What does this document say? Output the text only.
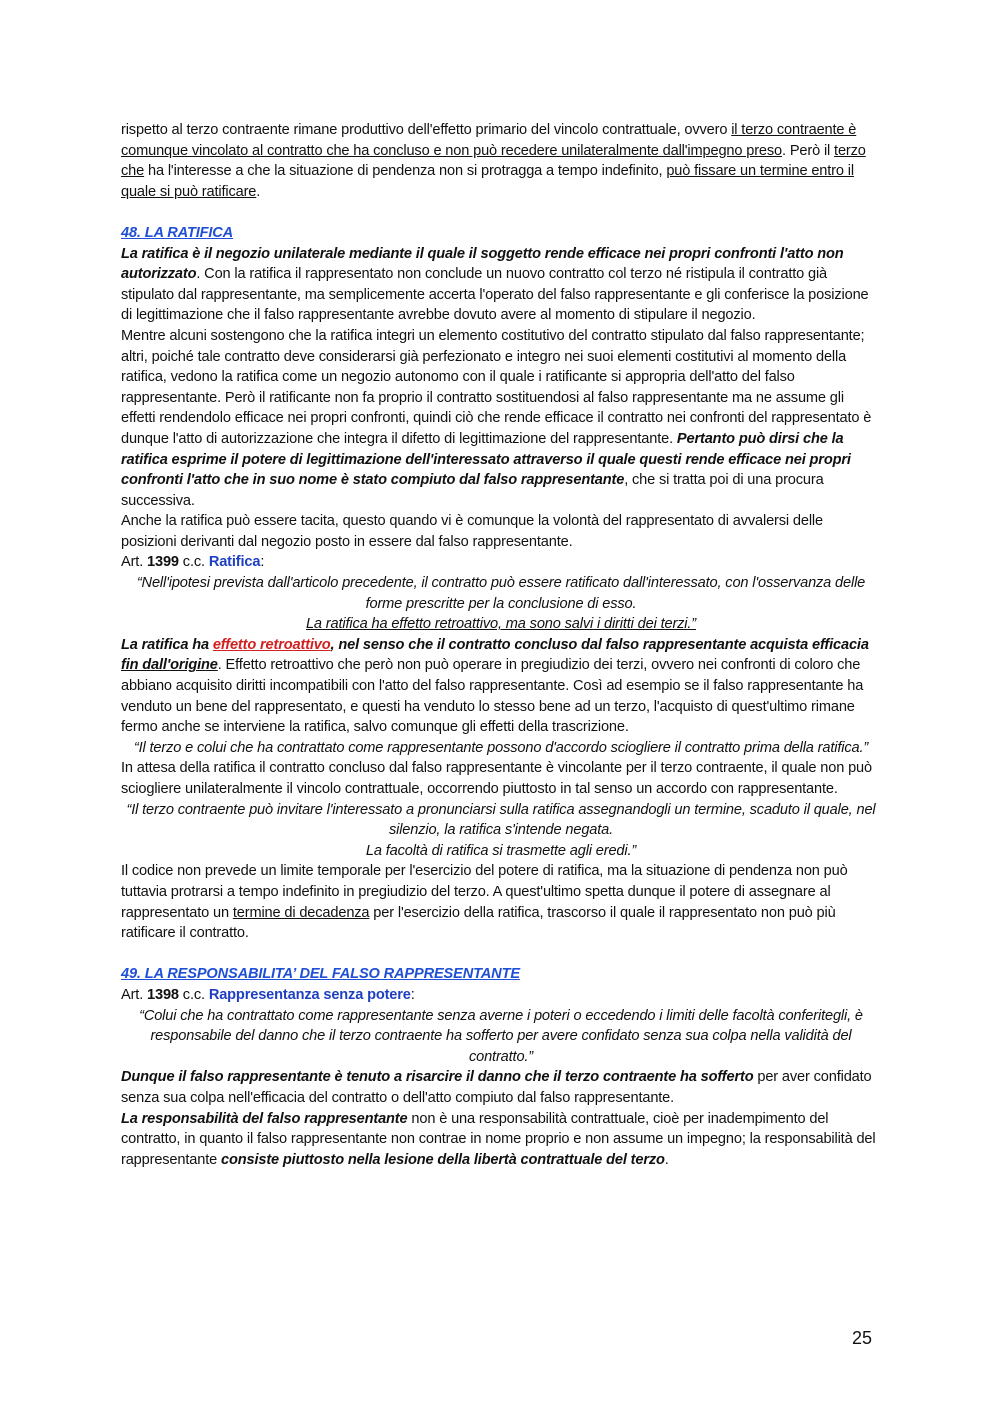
rispetto al terzo contraente rimane produttivo dell'effetto primario del vincolo contrattuale, ovvero il terzo contraente è comunque vincolato al contratto che ha concluso e non può recedere unilateralmente dall'impegno preso. Però il terzo che ha l'interesse a che la situazione di pendenza non si protragga a tempo indefinito, può fissare un termine entro il quale si può ratificare.

48. LA RATIFICA

La ratifica è il negozio unilaterale mediante il quale il soggetto rende efficace nei propri confronti l'atto non autorizzato. Con la ratifica il rappresentato non conclude un nuovo contratto col terzo né ristipula il contratto già stipulato dal rappresentante, ma semplicemente accerta l'operato del falso rappresentante e gli conferisce la posizione di legittimazione che il falso rappresentante avrebbe dovuto avere al momento di stipulare il negozio.

Mentre alcuni sostengono che la ratifica integri un elemento costitutivo del contratto stipulato dal falso rappresentante; altri, poiché tale contratto deve considerarsi già perfezionato e integro nei suoi elementi costitutivi al momento della ratifica, vedono la ratifica come un negozio autonomo con il quale i ratificante si appropria dell'atto del falso rappresentante. Però il ratificante non fa proprio il contratto sostituendosi al falso rappresentante ma ne assume gli effetti rendendolo efficace nei propri confronti, quindi ciò che rende efficace il contratto nei confronti del rappresentato è dunque l'atto di autorizzazione che integra il difetto di legittimazione del rappresentante. Pertanto può dirsi che la ratifica esprime il potere di legittimazione dell'interessato attraverso il quale questi rende efficace nei propri confronti l'atto che in suo nome è stato compiuto dal falso rappresentante, che si tratta poi di una procura successiva.

Anche la ratifica può essere tacita, questo quando vi è comunque la volontà del rappresentato di avvalersi delle posizioni derivanti dal negozio posto in essere dal falso rappresentante.

Art. 1399 c.c. Ratifica:

“Nell'ipotesi prevista dall'articolo precedente, il contratto può essere ratificato dall'interessato, con l'osservanza delle forme prescritte per la conclusione di esso.

La ratifica ha effetto retroattivo, ma sono salvi i diritti dei terzi.”

La ratifica ha effetto retroattivo, nel senso che il contratto concluso dal falso rappresentante acquista efficacia fin dall'origine. Effetto retroattivo che però non può operare in pregiudizio dei terzi, ovvero nei confronti di coloro che abbiano acquisito diritti incompatibili con l'atto del falso rappresentante. Così ad esempio se il falso rappresentante ha venduto un bene del rappresentato, e questi ha venduto lo stesso bene ad un terzo, l'acquisto di quest'ultimo rimane fermo anche se interviene la ratifica, salvo comunque gli effetti della trascrizione.

“Il terzo e colui che ha contrattato come rappresentante possono d'accordo sciogliere il contratto prima della ratifica.”

In attesa della ratifica il contratto concluso dal falso rappresentante è vincolante per il terzo contraente, il quale non può sciogliere unilateralmente il vincolo contrattuale, occorrendo piuttosto in tal senso un accordo con rappresentante.

“Il terzo contraente può invitare l'interessato a pronunciarsi sulla ratifica assegnandogli un termine, scaduto il quale, nel silenzio, la ratifica s'intende negata.

La facoltà di ratifica si trasmette agli eredi.”

Il codice non prevede un limite temporale per l'esercizio del potere di ratifica, ma la situazione di pendenza non può tuttavia protrarsi a tempo indefinito in pregiudizio del terzo. A quest'ultimo spetta dunque il potere di assegnare al rappresentato un termine di decadenza per l'esercizio della ratifica, trascorso il quale il rappresentato non può più ratificare il contratto.

49. LA RESPONSABILITA’ DEL FALSO RAPPRESENTANTE

Art. 1398 c.c. Rappresentanza senza potere:

“Colui che ha contrattato come rappresentante senza averne i poteri o eccedendo i limiti delle facoltà conferitegli, è responsabile del danno che il terzo contraente ha sofferto per avere confidato senza sua colpa nella validità del contratto.”

Dunque il falso rappresentante è tenuto a risarcire il danno che il terzo contraente ha sofferto per aver confidato senza sua colpa nell'efficacia del contratto o dell'atto compiuto dal falso rappresentante.

La responsabilità del falso rappresentante non è una responsabilità contrattuale, cioè per inadempimento del contratto, in quanto il falso rappresentante non contrae in nome proprio e non assume un impegno; la responsabilità del rappresentante consiste piuttosto nella lesione della libertà contrattuale del terzo.

25
